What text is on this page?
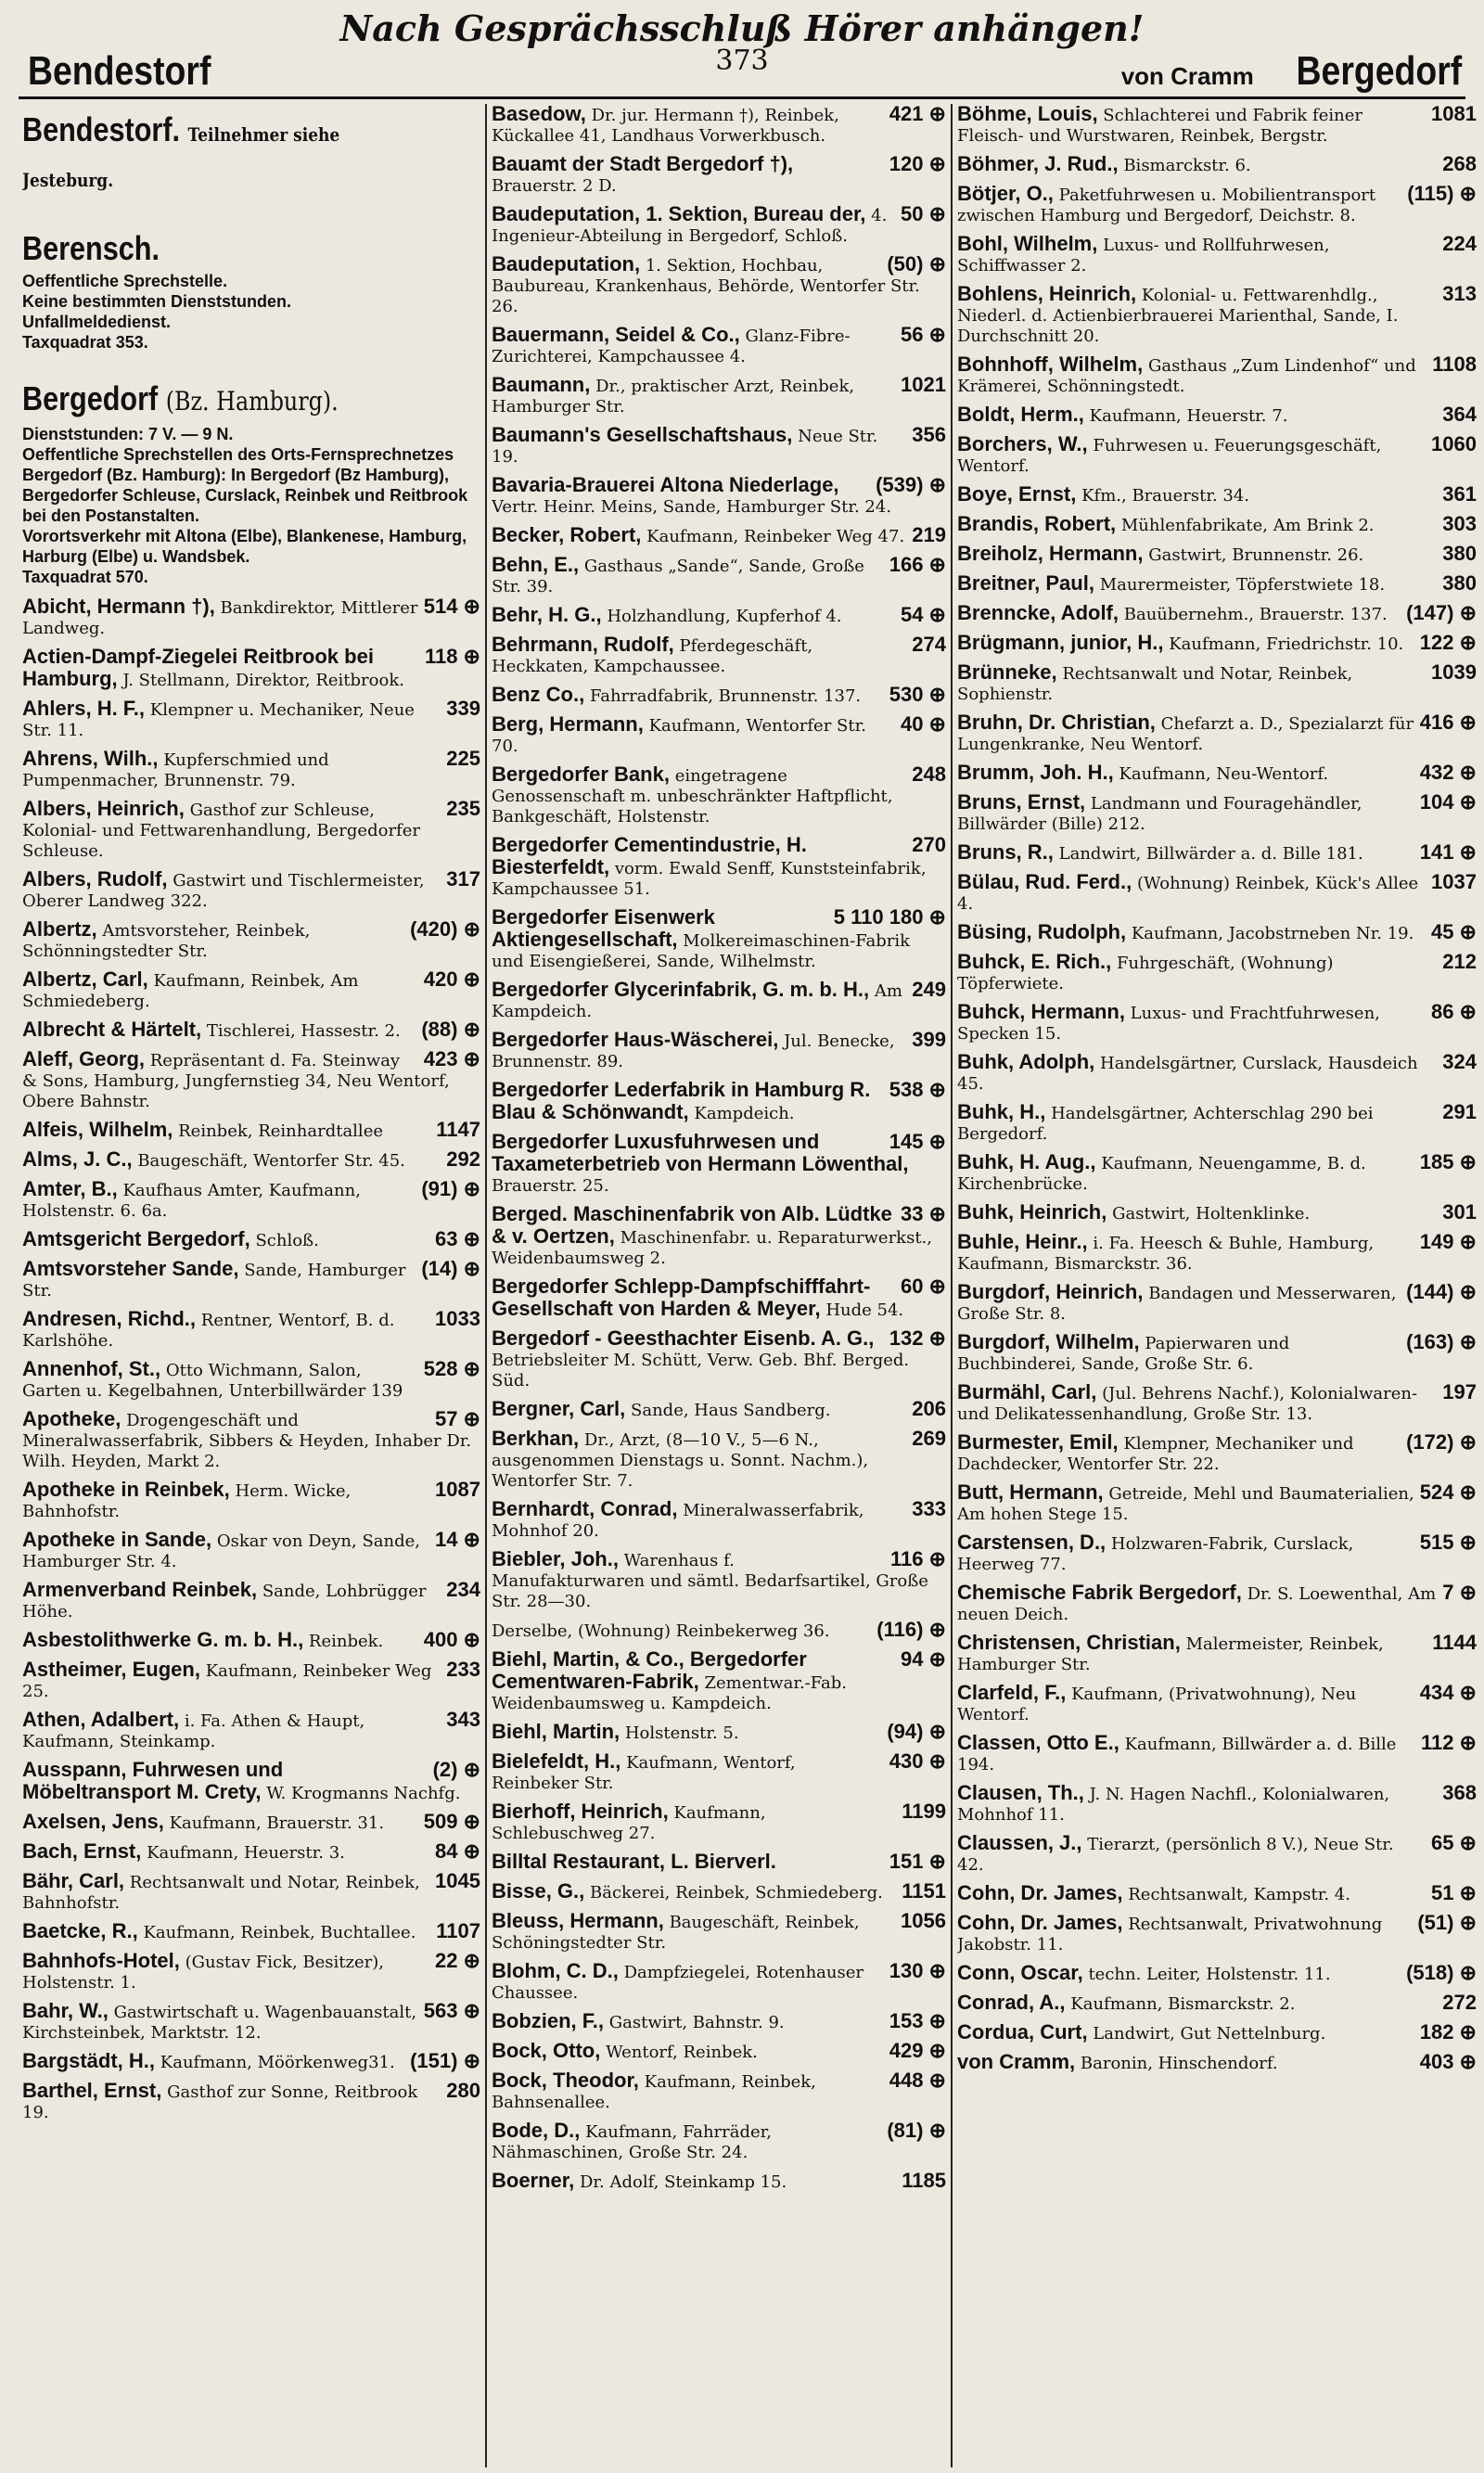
Bendestorf
Nach Gesprächsschluß Hörer anhängen!
373	von Cramm Bergedorf
Bendestorf. Teilnehmer siehe Jesteburg.
Berensch.
Oeffentliche Sprechstelle.
Keine bestimmten Dienststunden.
Unfallmeldedienst.
Taxquadrat 353.
Bergedorf (Bz. Hamburg).
Dienststunden: 7 V. — 9 N.
Oeffentliche Sprechstellen des Orts-Fernsprechnetzes Bergedorf (Bz. Hamburg): In Bergedorf (Bz Hamburg), Bergedorfer Schleuse, Curslack, Reinbek und Reitbrook bei den Postanstalten.
Vorortsverkehr mit Altona (Elbe), Blankenese, Hamburg, Harburg (Elbe) u. Wandsbek.
Taxquadrat 570.
514 ⊕
Abicht, Hermann †), Bankdirektor, Mittlerer Landweg.
118 ⊕
Actien-Dampf-Ziegelei Reitbrook bei Hamburg, J. Stellmann, Direktor, Reitbrook.
339
Ahlers, H. F., Klempner u. Mechaniker, Neue Str. 11.
225
Ahrens, Wilh., Kupferschmied und Pumpenmacher, Brunnenstr. 79.
235
Albers, Heinrich, Gasthof zur Schleuse, Kolonial- und Fettwarenhandlung, Bergedorfer Schleuse.
317
Albers, Rudolf, Gastwirt und Tischlermeister, Oberer Landweg 322.
(420) ⊕
Albertz, Amtsvorsteher, Reinbek, Schönningstedter Str.
420 ⊕
Albertz, Carl, Kaufmann, Reinbek, Am Schmiedeberg.
(88) ⊕
Albrecht & Härtelt, Tischlerei, Hassestr. 2.
423 ⊕
Aleff, Georg, Repräsentant d. Fa. Steinway & Sons, Hamburg, Jungfernstieg 34, Neu Wentorf, Obere Bahnstr.
1147
Alfeis, Wilhelm, Reinbek, Reinhardtallee
292
Alms, J. C., Baugeschäft, Wentorfer Str. 45.
(91) ⊕
Amter, B., Kaufhaus Amter, Kaufmann, Holstenstr. 6. 6a.
63 ⊕
Amtsgericht Bergedorf, Schloß.
(14) ⊕
Amtsvorsteher Sande, Sande, Hamburger Str.
1033
Andresen, Richd., Rentner, Wentorf, B. d. Karlshöhe.
528 ⊕
Annenhof, St., Otto Wichmann, Salon, Garten u. Kegelbahnen, Unterbillwärder 139
57 ⊕
Apotheke, Drogengeschäft und Mineralwasserfabrik, Sibbers & Heyden, Inhaber Dr. Wilh. Heyden, Markt 2.
1087
Apotheke in Reinbek, Herm. Wicke, Bahnhofstr.
14 ⊕
Apotheke in Sande, Oskar von Deyn, Sande, Hamburger Str. 4.
234
Armenverband Reinbek, Sande, Lohbrügger Höhe.
400 ⊕
Asbestolithwerke G. m. b. H., Reinbek.
233
Astheimer, Eugen, Kaufmann, Reinbeker Weg 25.
343
Athen, Adalbert, i. Fa. Athen & Haupt, Kaufmann, Steinkamp.
(2) ⊕
Ausspann, Fuhrwesen und Möbeltransport M. Crety, W. Krogmanns Nachfg.
509 ⊕
Axelsen, Jens, Kaufmann, Brauerstr. 31.
84 ⊕
Bach, Ernst, Kaufmann, Heuerstr. 3.
1045
Bähr, Carl, Rechtsanwalt und Notar, Reinbek, Bahnhofstr.
1107
Baetcke, R., Kaufmann, Reinbek, Buchtallee.
22 ⊕
Bahnhofs-Hotel, (Gustav Fick, Besitzer), Holstenstr. 1.
563 ⊕
Bahr, W., Gastwirtschaft u. Wagenbauanstalt, Kirchsteinbek, Marktstr. 12.
(151) ⊕
Bargstädt, H., Kaufmann, Möörkenweg31.
280
Barthel, Ernst, Gasthof zur Sonne, Reitbrook 19.
421 ⊕
Basedow, Dr. jur. Hermann †), Reinbek, Kückallee 41, Landhaus Vorwerkbusch.
120 ⊕
Bauamt der Stadt Bergedorf †), Brauerstr. 2 D.
50 ⊕
Baudeputation, 1. Sektion, Bureau der, 4. Ingenieur-Abteilung in Bergedorf, Schloß.
(50) ⊕
Baudeputation, 1. Sektion, Hochbau, Baubureau, Krankenhaus, Behörde, Wentorfer Str. 26.
56 ⊕
Bauermann, Seidel & Co., Glanz-Fibre-Zurichterei, Kampchaussee 4.
1021
Baumann, Dr., praktischer Arzt, Reinbek, Hamburger Str.
356
Baumann's Gesellschaftshaus, Neue Str. 19.
(539) ⊕
Bavaria-Brauerei Altona Niederlage, Vertr. Heinr. Meins, Sande, Hamburger Str. 24.
219
Becker, Robert, Kaufmann, Reinbeker Weg 47.
166 ⊕
Behn, E., Gasthaus „Sande“, Sande, Große Str. 39.
54 ⊕
Behr, H. G., Holzhandlung, Kupferhof 4.
274
Behrmann, Rudolf, Pferdegeschäft, Heckkaten, Kampchaussee.
530 ⊕
Benz Co., Fahrradfabrik, Brunnenstr. 137.
40 ⊕
Berg, Hermann, Kaufmann, Wentorfer Str. 70.
248
Bergedorfer Bank, eingetragene Genossenschaft m. unbeschränkter Haftpflicht, Bankgeschäft, Holstenstr.
270
Bergedorfer Cementindustrie, H. Biesterfeldt, vorm. Ewald Senff, Kunststeinfabrik, Kampchaussee 51.
5 110 180 ⊕
Bergedorfer Eisenwerk Aktiengesellschaft, Molkereimaschinen-Fabrik und Eisengießerei, Sande, Wilhelmstr.
249
Bergedorfer Glycerinfabrik, G. m. b. H., Am Kampdeich.
399
Bergedorfer Haus-Wäscherei, Jul. Benecke, Brunnenstr. 89.
538 ⊕
Bergedorfer Lederfabrik in Hamburg R. Blau & Schönwandt, Kampdeich.
145 ⊕
Bergedorfer Luxusfuhrwesen und Taxameterbetrieb von Hermann Löwenthal, Brauerstr. 25.
33 ⊕
Berged. Maschinenfabrik von Alb. Lüdtke & v. Oertzen, Maschinenfabr. u. Reparaturwerkst., Weidenbaumsweg 2.
60 ⊕
Bergedorfer Schlepp-Dampfschifffahrt-Gesellschaft von Harden & Meyer, Hude 54.
132 ⊕
Bergedorf - Geesthachter Eisenb. A. G., Betriebsleiter M. Schütt, Verw. Geb. Bhf. Berged. Süd.
206
Bergner, Carl, Sande, Haus Sandberg.
269
Berkhan, Dr., Arzt, (8—10 V., 5—6 N., ausgenommen Dienstags u. Sonnt. Nachm.), Wentorfer Str. 7.
333
Bernhardt, Conrad, Mineralwasserfabrik, Mohnhof 20.
116 ⊕
Biebler, Joh., Warenhaus f. Manufakturwaren und sämtl. Bedarfsartikel, Große Str. 28—30.
(116) ⊕
Derselbe, (Wohnung) Reinbekerweg 36.
94 ⊕
Biehl, Martin, & Co., Bergedorfer Cementwaren-Fabrik, Zementwar.-Fab. Weidenbaumsweg u. Kampdeich.
(94) ⊕
Biehl, Martin, Holstenstr. 5.
430 ⊕
Bielefeldt, H., Kaufmann, Wentorf, Reinbeker Str.
1199
Bierhoff, Heinrich, Kaufmann, Schlebuschweg 27.
151 ⊕
Billtal Restaurant, L. Bierverl.
1151
Bisse, G., Bäckerei, Reinbek, Schmiedeberg.
1056
Bleuss, Hermann, Baugeschäft, Reinbek, Schöningstedter Str.
130 ⊕
Blohm, C. D., Dampfziegelei, Rotenhauser Chaussee.
153 ⊕
Bobzien, F., Gastwirt, Bahnstr. 9.
429 ⊕
Bock, Otto, Wentorf, Reinbek.
448 ⊕
Bock, Theodor, Kaufmann, Reinbek, Bahnsenallee.
(81) ⊕
Bode, D., Kaufmann, Fahrräder, Nähmaschinen, Große Str. 24.
1185
Boerner, Dr. Adolf, Steinkamp 15.
1081
Böhme, Louis, Schlachterei und Fabrik feiner Fleisch- und Wurstwaren, Reinbek, Bergstr.
268
Böhmer, J. Rud., Bismarckstr. 6.
(115) ⊕
Bötjer, O., Paketfuhrwesen u. Mobilientransport zwischen Hamburg und Bergedorf, Deichstr. 8.
224
Bohl, Wilhelm, Luxus- und Rollfuhrwesen, Schiffwasser 2.
313
Bohlens, Heinrich, Kolonial- u. Fettwarenhdlg., Niederl. d. Actienbierbrauerei Marienthal, Sande, I. Durchschnitt 20.
1108
Bohnhoff, Wilhelm, Gasthaus „Zum Lindenhof“ und Krämerei, Schönningstedt.
364
Boldt, Herm., Kaufmann, Heuerstr. 7.
1060
Borchers, W., Fuhrwesen u. Feuerungsgeschäft, Wentorf.
361
Boye, Ernst, Kfm., Brauerstr. 34.
303
Brandis, Robert, Mühlenfabrikate, Am Brink 2.
380
Breiholz, Hermann, Gastwirt, Brunnenstr. 26.
380
Breitner, Paul, Maurermeister, Töpferstwiete 18.
(147) ⊕
Brenncke, Adolf, Bauübernehm., Brauerstr. 137.
122 ⊕
Brügmann, junior, H., Kaufmann, Friedrichstr. 10.
1039
Brünneke, Rechtsanwalt und Notar, Reinbek, Sophienstr.
416 ⊕
Bruhn, Dr. Christian, Chefarzt a. D., Spezialarzt für Lungenkranke, Neu Wentorf.
432 ⊕
Brumm, Joh. H., Kaufmann, Neu-Wentorf.
104 ⊕
Bruns, Ernst, Landmann und Fouragehändler, Billwärder (Bille) 212.
141 ⊕
Bruns, R., Landwirt, Billwärder a. d. Bille 181.
1037
Bülau, Rud. Ferd., (Wohnung) Reinbek, Kück's Allee 4.
45 ⊕
Büsing, Rudolph, Kaufmann, Jacobstrneben Nr. 19.
212
Buhck, E. Rich., Fuhrgeschäft, (Wohnung) Töpferwiete.
86 ⊕
Buhck, Hermann, Luxus- und Frachtfuhrwesen, Specken 15.
324
Buhk, Adolph, Handelsgärtner, Curslack, Hausdeich 45.
291
Buhk, H., Handelsgärtner, Achterschlag 290 bei Bergedorf.
185 ⊕
Buhk, H. Aug., Kaufmann, Neuengamme, B. d. Kirchenbrücke.
301
Buhk, Heinrich, Gastwirt, Holtenklinke.
149 ⊕
Buhle, Heinr., i. Fa. Heesch & Buhle, Hamburg, Kaufmann, Bismarckstr. 36.
(144) ⊕
Burgdorf, Heinrich, Bandagen und Messerwaren, Große Str. 8.
(163) ⊕
Burgdorf, Wilhelm, Papierwaren und Buchbinderei, Sande, Große Str. 6.
197
Burmähl, Carl, (Jul. Behrens Nachf.), Kolonialwaren- und Delikatessenhandlung, Große Str. 13.
(172) ⊕
Burmester, Emil, Klempner, Mechaniker und Dachdecker, Wentorfer Str. 22.
524 ⊕
Butt, Hermann, Getreide, Mehl und Baumaterialien, Am hohen Stege 15.
515 ⊕
Carstensen, D., Holzwaren-Fabrik, Curslack, Heerweg 77.
7 ⊕
Chemische Fabrik Bergedorf, Dr. S. Loewenthal, Am neuen Deich.
1144
Christensen, Christian, Malermeister, Reinbek, Hamburger Str.
434 ⊕
Clarfeld, F., Kaufmann, (Privatwohnung), Neu Wentorf.
112 ⊕
Classen, Otto E., Kaufmann, Billwärder a. d. Bille 194.
368
Clausen, Th., J. N. Hagen Nachfl., Kolonialwaren, Mohnhof 11.
65 ⊕
Claussen, J., Tierarzt, (persönlich 8 V.), Neue Str. 42.
51 ⊕
Cohn, Dr. James, Rechtsanwalt, Kampstr. 4.
(51) ⊕
Cohn, Dr. James, Rechtsanwalt, Privatwohnung Jakobstr. 11.
(518) ⊕
Conn, Oscar, techn. Leiter, Holstenstr. 11.
272
Conrad, A., Kaufmann, Bismarckstr. 2.
182 ⊕
Cordua, Curt, Landwirt, Gut Nettelnburg.
403 ⊕
von Cramm, Baronin, Hinschendorf.
